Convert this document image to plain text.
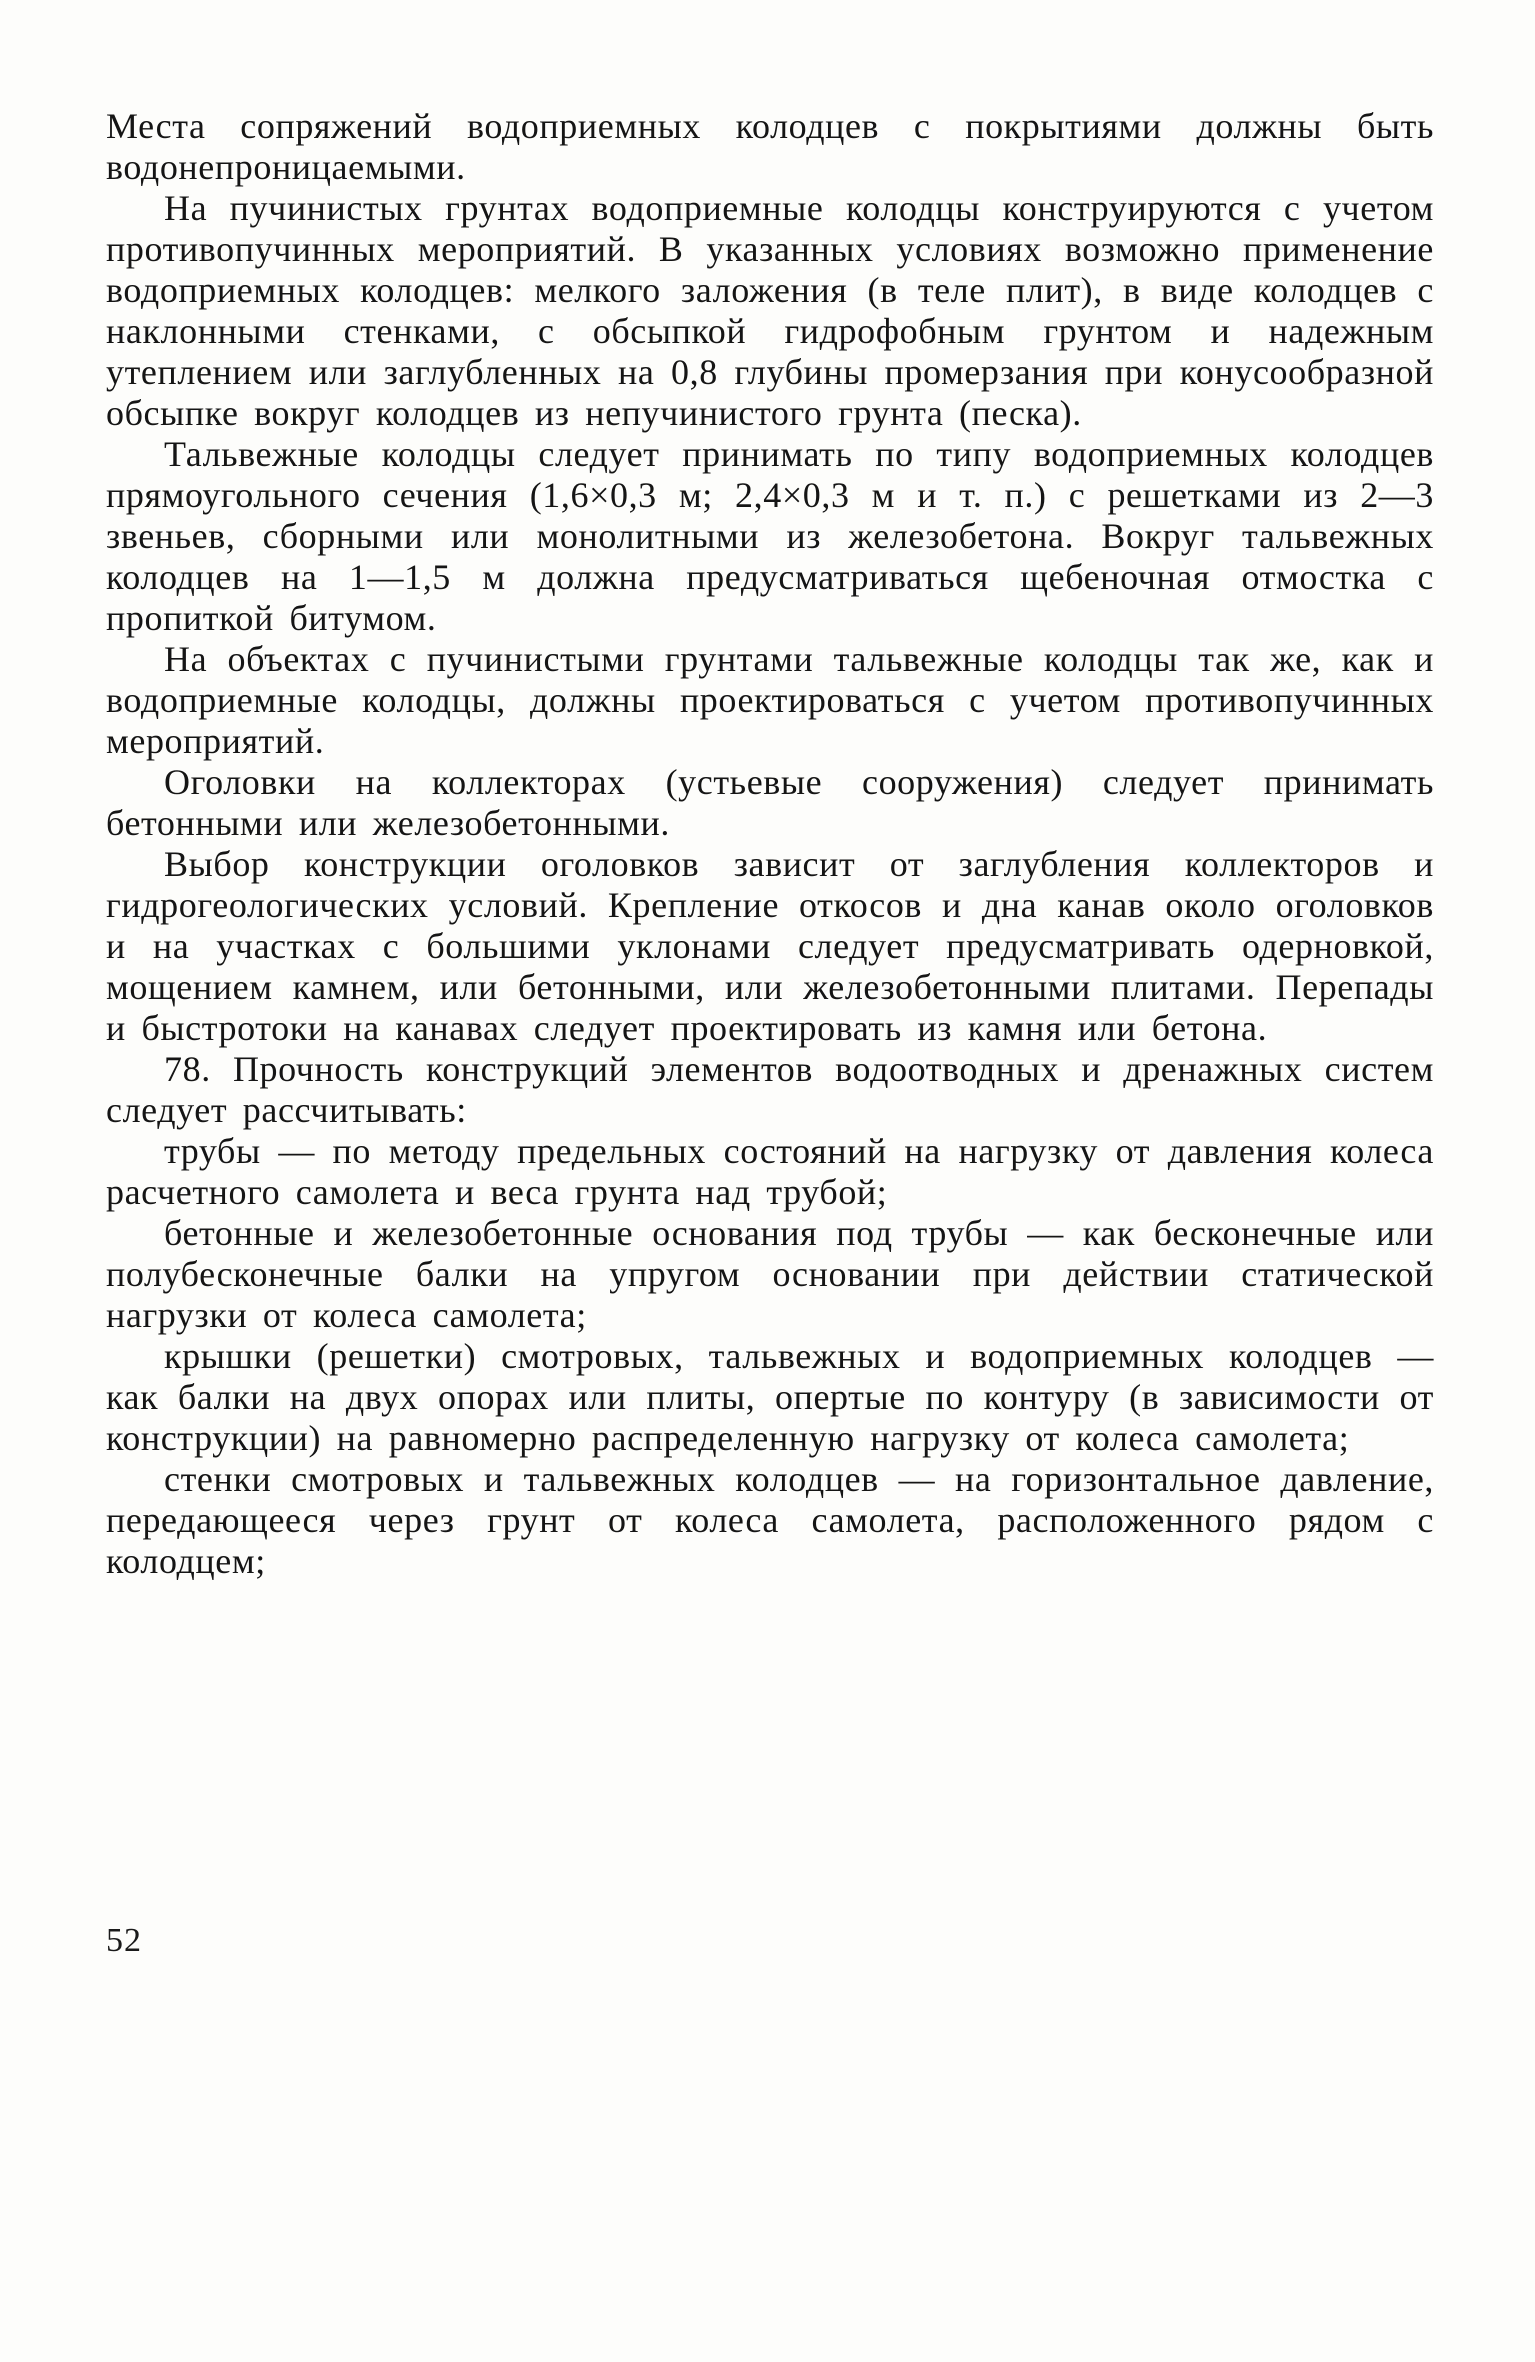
Места сопряжений водоприемных колодцев с покрытиями должны быть водонепроницаемыми.

На пучинистых грунтах водоприемные колодцы конструируются с учетом противопучинных мероприятий. В указанных условиях возможно применение водоприемных колодцев: мелкого заложения (в теле плит), в виде колодцев с наклонными стенками, с обсыпкой гидрофобным грунтом и надежным утеплением или заглубленных на 0,8 глубины промерзания при конусообразной обсыпке вокруг колодцев из непучинистого грунта (песка).

Тальвежные колодцы следует принимать по типу водоприемных колодцев прямоугольного сечения (1,6×0,3 м; 2,4×0,3 м и т. п.) с решетками из 2—3 звеньев, сборными или монолитными из железобетона. Вокруг тальвежных колодцев на 1—1,5 м должна предусматриваться щебеночная отмостка с пропиткой битумом.

На объектах с пучинистыми грунтами тальвежные колодцы так же, как и водоприемные колодцы, должны проектироваться с учетом противопучинных мероприятий.

Оголовки на коллекторах (устьевые сооружения) следует принимать бетонными или железобетонными.

Выбор конструкции оголовков зависит от заглубления коллекторов и гидрогеологических условий. Крепление откосов и дна канав около оголовков и на участках с большими уклонами следует предусматривать одерновкой, мощением камнем, или бетонными, или железобетонными плитами. Перепады и быстротоки на канавах следует проектировать из камня или бетона.

78. Прочность конструкций элементов водоотводных и дренажных систем следует рассчитывать:

трубы — по методу предельных состояний на нагрузку от давления колеса расчетного самолета и веса грунта над трубой;

бетонные и железобетонные основания под трубы — как бесконечные или полубесконечные балки на упругом основании при действии статической нагрузки от колеса самолета;

крышки (решетки) смотровых, тальвежных и водоприемных колодцев — как балки на двух опорах или плиты, опертые по контуру (в зависимости от конструкции) на равномерно распределенную нагрузку от колеса самолета;

стенки смотровых и тальвежных колодцев — на горизонтальное давление, передающееся через грунт от колеса самолета, расположенного рядом с колодцем;

52
